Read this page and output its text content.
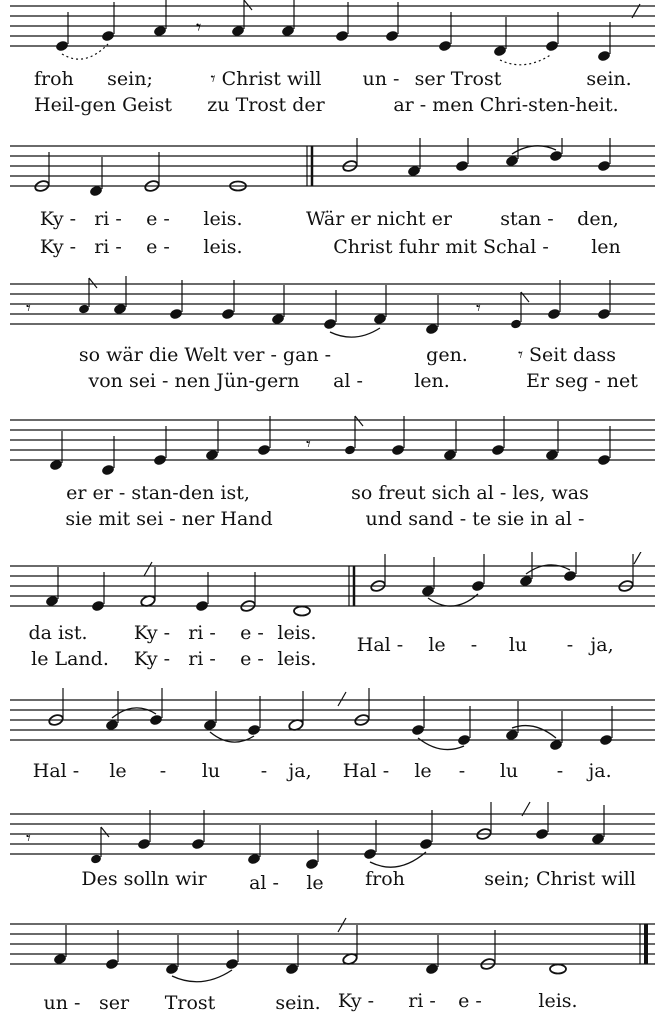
𝄾
froh sein;	𝄾 Christ will un - ser Trost	sein.
Heil-gen Geist zu Trost der	ar - men Chri-sten-heit.
Ky - ri - e - leis.	Wär er nicht er	stan - den,
Ky - ri - e - leis.	Christ fuhr mit Schal - len
𝄾	𝄾
so wär die Welt ver - gan -	gen.	𝄾 Seit dass
von sei - nen Jün-gern al -	len.	Er seg - net
𝄾
er er - stan-den ist,	so freut sich al - les, was
sie mit sei - ner Hand	und sand - te sie in al -
da ist. Ky - ri - e - leis.
Hal - le - lu - ja,
le Land. Ky - ri - e - leis.
Hal - le - lu - ja, Hal - le - lu - ja.
𝄾
Des solln wir al - le froh	sein; Christ will
un - ser Trost	sein. Ky - ri - e -	leis.
